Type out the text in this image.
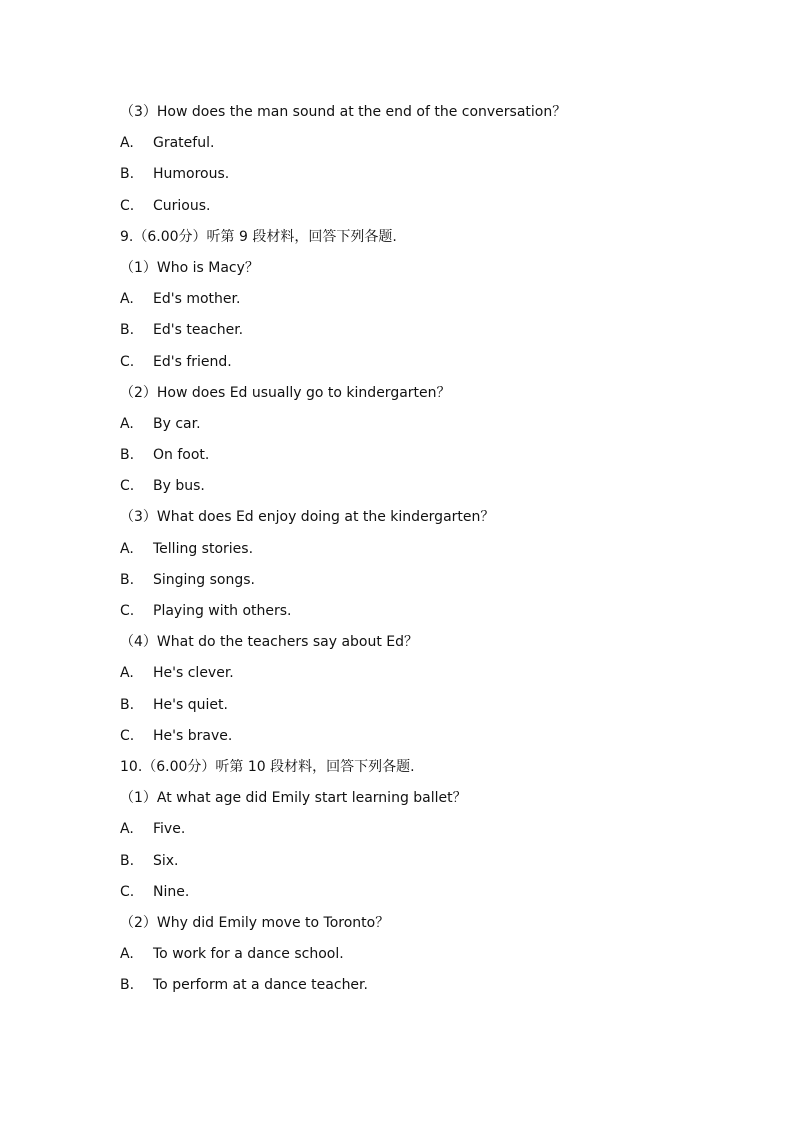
（3）How does the man sound at the end of the conversation？
A. Grateful.
B. Humorous.
C. Curious.
9.（6.00分）听第 9 段材料，回答下列各题.
（1）Who is Macy？
A. Ed's mother.
B. Ed's teacher.
C. Ed's friend.
（2）How does Ed usually go to kindergarten？
A. By car.
B. On foot.
C. By bus.
（3）What does Ed enjoy doing at the kindergarten？
A. Telling stories.
B. Singing songs.
C. Playing with others.
（4）What do the teachers say about Ed？
A. He's clever.
B. He's quiet.
C. He's brave.
10.（6.00分）听第 10 段材料，回答下列各题.
（1）At what age did Emily start learning ballet？
A. Five.
B. Six.
C. Nine.
（2）Why did Emily move to Toronto？
A. To work for a dance school.
B. To perform at a dance teacher.
